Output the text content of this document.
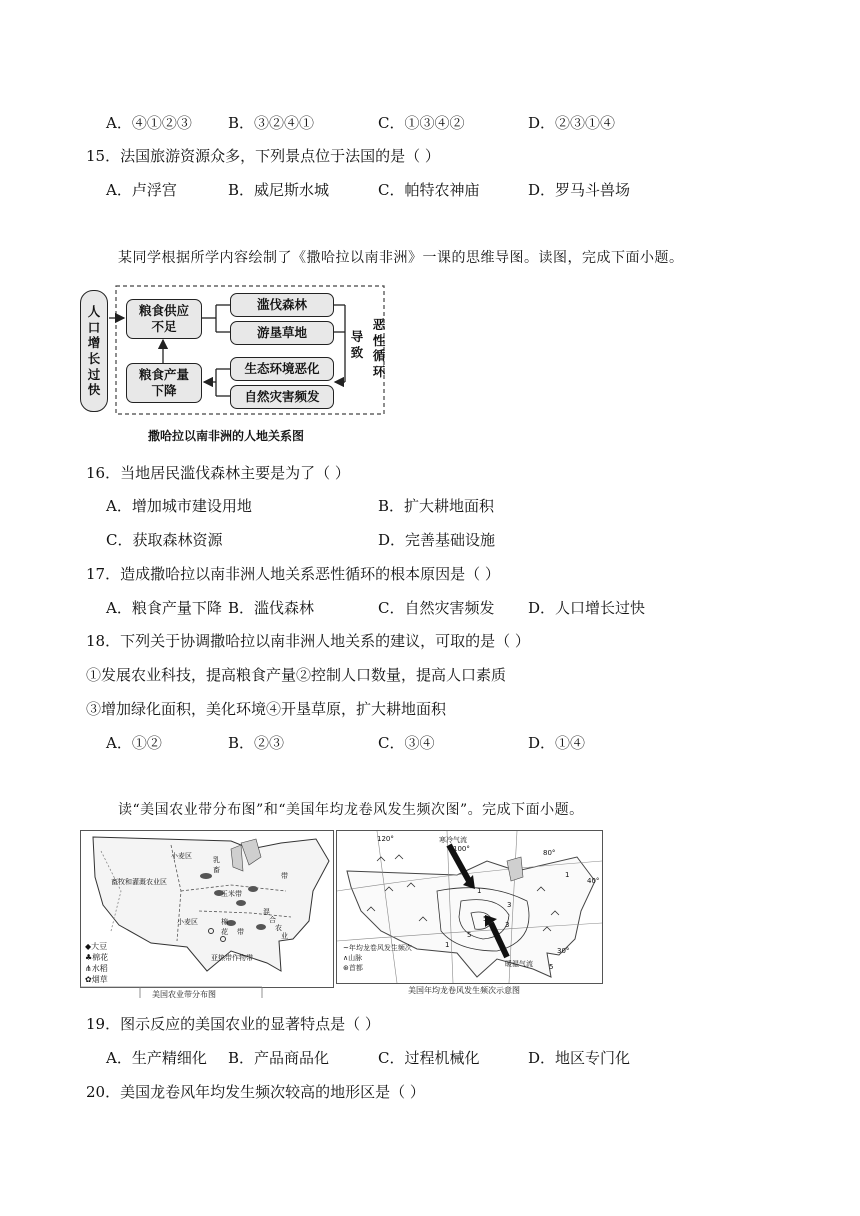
A．④①②③ B．③②④①	C．①③④②	D．②③①④
15．法国旅游资源众多，下列景点位于法国的是（ ）
A．卢浮宫	B．威尼斯水城	C．帕特农神庙	D．罗马斗兽场
某同学根据所学内容绘制了《撒哈拉以南非洲》一课的思维导图。读图，完成下面小题。
人口增长过快
粮食供应不足
滥伐森林
游垦草地	导致
恶性循环
生态环境恶化
自然灾害频发
粮食产量下降
撒哈拉以南非洲的人地关系图
16．当地居民滥伐森林主要是为了（ ）
A．增加城市建设用地	B．扩大耕地面积
C．获取森林资源	D．完善基础设施
17．造成撒哈拉以南非洲人地关系恶性循环的根本原因是（ ）
A．粮食产量下降 B．滥伐森林	C．自然灾害频发 D．人口增长过快
18．下列关于协调撒哈拉以南非洲人地关系的建议，可取的是（ ）
①发展农业科技，提高粮食产量②控制人口数量，提高人口素质
③增加绿化面积，美化环境④开垦草原，扩大耕地面积
A．①②	B．②③	C．③④	D．①④
读“美国农业带分布图”和“美国年均龙卷风发生频次图”。完成下面小题。
小麦区
畜牧和灌溉农业区
玉米带
小麦区
乳
畜
带
混
合
农
业
棉
花 带
亚热带作物带
◆大豆
♣棉花
⋔水稻
✿烟草
美国农业带分布图
寒冷气流
暖湿气流
120°
100°	80°
40°
30°
1
3
5
3
5
1
5
1
~年均龙卷风发生频次
∧山脉
⊛首都
美国年均龙卷风发生频次示意图
19．图示反应的美国农业的显著特点是（ ）
A．生产精细化 B．产品商品化	C．过程机械化	D．地区专门化
20．美国龙卷风年均发生频次较高的地形区是（ ）
